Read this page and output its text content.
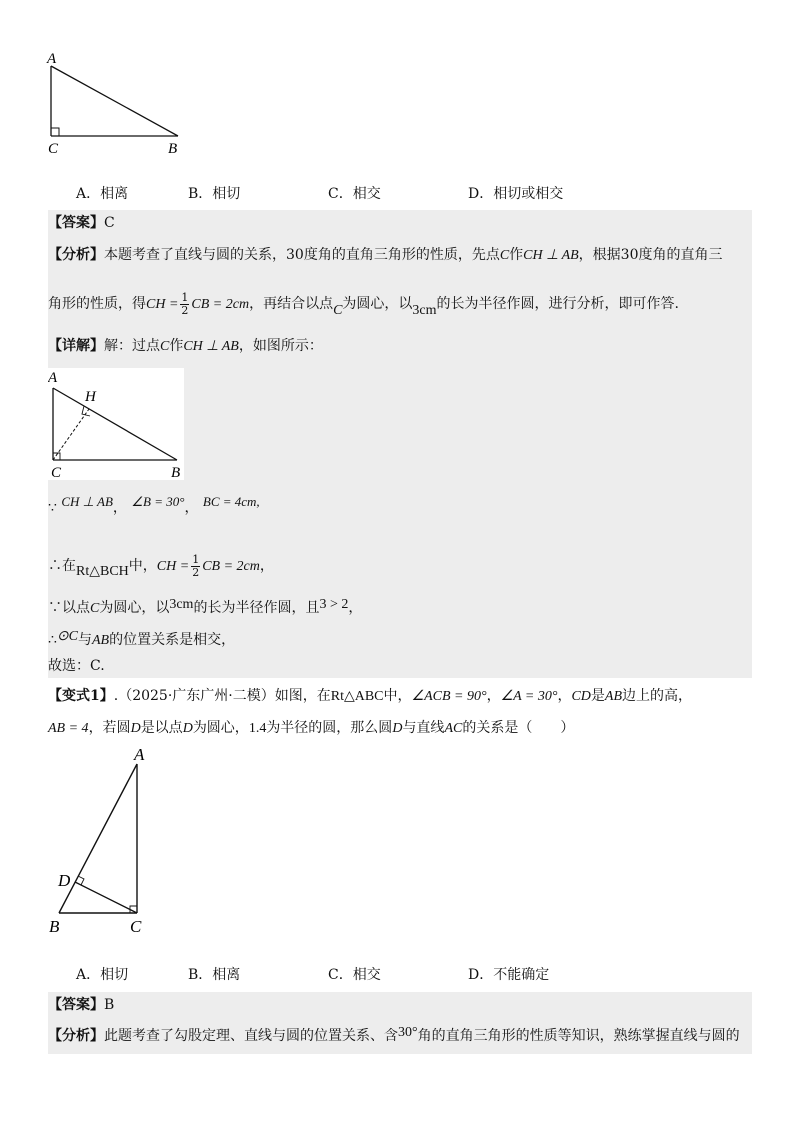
A
C	B
A．相离	B．相切	C．相交	D．相切或相交
【答案】C
【分析】本题考查了直线与圆的关系，30度角的直角三角形的性质，先点C作CH ⊥ AB，根据30度角的直角三
角形的性质，得CH = $\frac{1}{2}$ CB = 2cm，再结合以点C为圆心，以3cm的长为半径作圆，进行分析，即可作答.
【详解】解：过点C作CH ⊥ AB，如图所示：
A
H
C	B
∵ CH ⊥ AB， ∠B = 30°， BC = 4cm,
∴在Rt△BCH中，CH = $\frac{1}{2}$ CB = 2cm，
∵以点C为圆心，以3cm的长为半径作圆，且3 > 2，
∴⊙C与AB的位置关系是相交，
故选：C.
【变式1】.（2025·广东广州·二模）如图，在Rt△ABC中，∠ACB = 90°，∠A = 30°，CD是AB边上的高，
AB = 4，若圆D是以点D为圆心，1.4为半径的圆，那么圆D与直线AC的关系是（　　）
A
D
B	C
A．相切	B．相离	C．相交	D．不能确定
【答案】B
【分析】此题考查了勾股定理、直线与圆的位置关系、含30°角的直角三角形的性质等知识，熟练掌握直线与圆的
